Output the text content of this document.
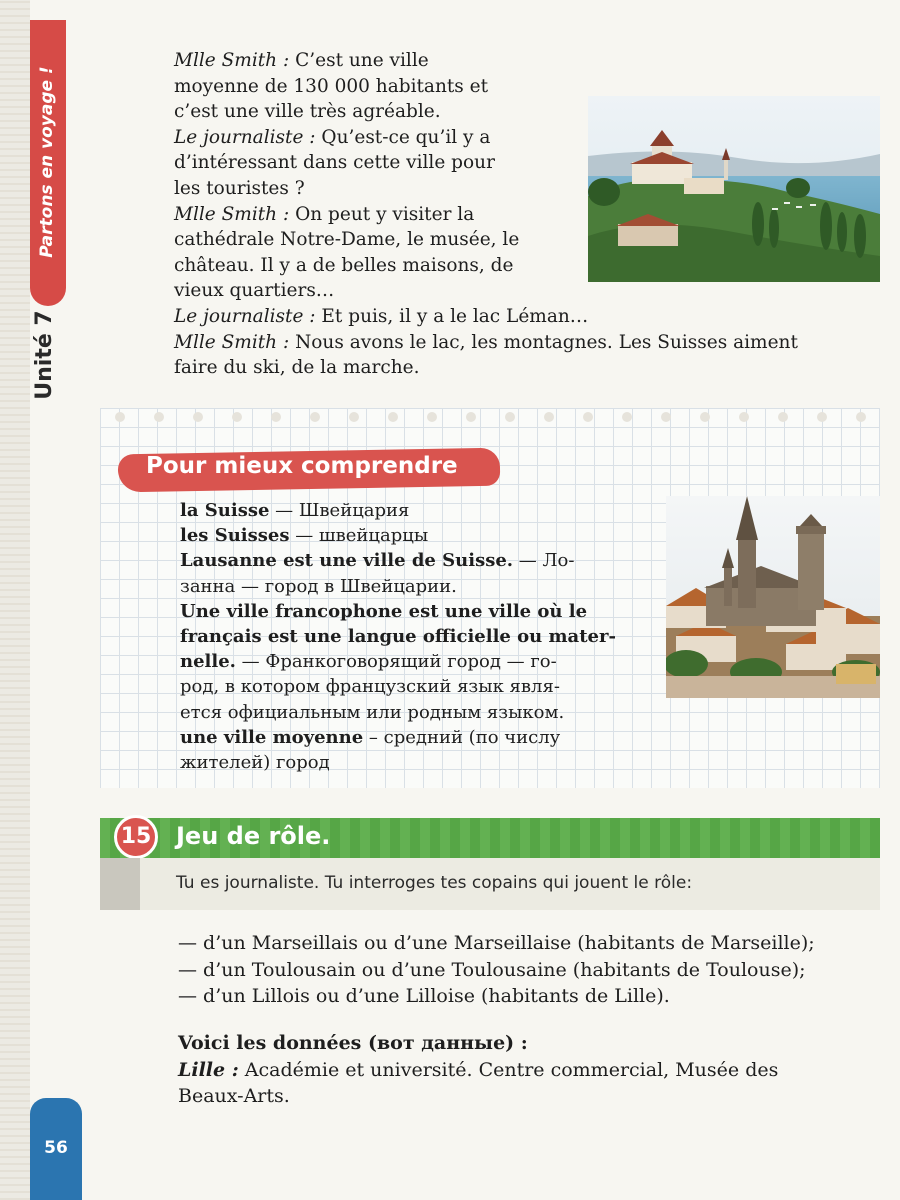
Partons en voyage !
Unité 7
56
Mlle Smith : C’est une ville
moyenne de 130 000 habitants et
c’est une ville très agréable.
Le journaliste : Qu’est-ce qu’il y a
d’intéressant dans cette ville pour
les touristes ?
Mlle Smith : On peut y visiter la
cathédrale Notre-Dame, le musée, le
château. Il y a de belles maisons, de
vieux quartiers…
Le journaliste : Et puis, il y a le lac Léman…
Mlle Smith : Nous avons le lac, les montagnes. Les Suisses aiment
faire du ski, de la marche.
Pour mieux comprendre
la Suisse — Швейцария
les Suisses — швейцарцы
Lausanne est une ville de Suisse. — Ло-
занна — город в Швейцарии.
Une ville francophone est une ville où le
français est une langue officielle ou mater-
nelle. — Франкоговорящий город — го-
род, в котором французский язык явля-
ется официальным или родным языком.
une ville moyenne – средний (по числу
жителей) город
15 Jeu de rôle.
Tu es journaliste. Tu interroges tes copains qui jouent le rôle:
— d’un Marseillais ou d’une Marseillaise (habitants de Marseille);
— d’un Toulousain ou d’une Toulousaine (habitants de Toulouse);
— d’un Lillois ou d’une Lilloise (habitants de Lille).
Voici les données (вот данные) :
Lille : Académie et université. Centre commercial, Musée des
Beaux-Arts.
